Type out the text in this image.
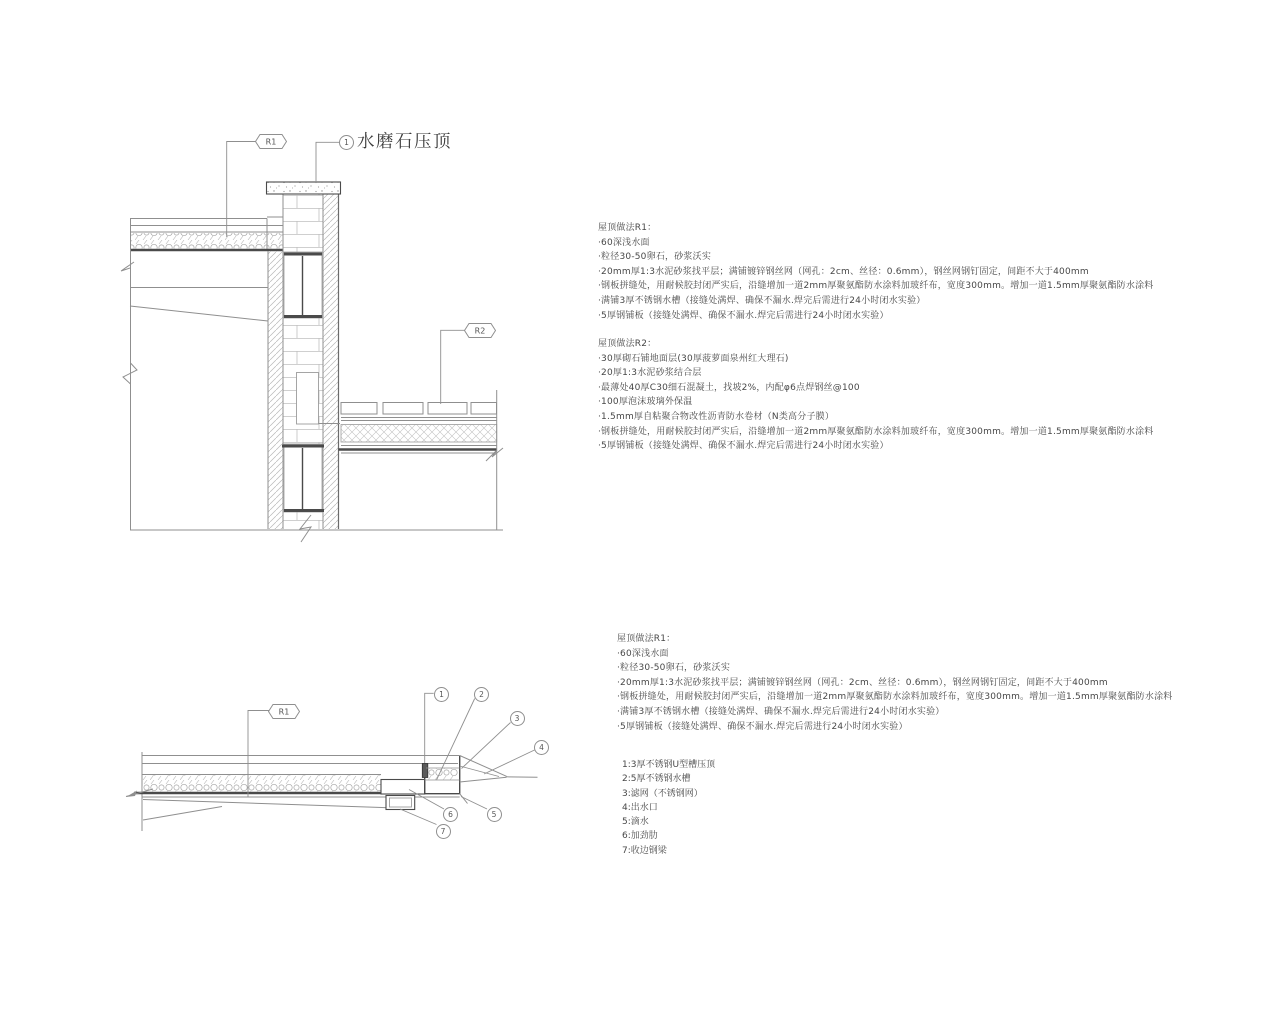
R1	1 水磨石压顶
R2
R1
1	2
3
4
5
6
7
屋顶做法R1：
·60深浅水面
·粒径30-50卵石，砂浆沃实
·20mm厚1:3水泥砂浆找平层；满铺镀锌钢丝网（网孔：2cm、丝径：0.6mm），钢丝网钢钉固定，间距不大于400mm
·钢板拼缝处，用耐候胶封闭严实后，沿缝增加一道2mm厚聚氨酯防水涂料加玻纤布，宽度300mm。增加一道1.5mm厚聚氨酯防水涂料
·满铺3厚不锈钢水槽（接缝处满焊、确保不漏水.焊完后需进行24小时闭水实验）
·5厚钢铺板（接缝处满焊、确保不漏水.焊完后需进行24小时闭水实验）
屋顶做法R2：
·30厚砌石铺地面层(30厚菠萝面泉州红大理石)
·20厚1:3水泥砂浆结合层
·最薄处40厚C30细石混凝土，找坡2%，内配φ6点焊钢丝@100
·100厚泡沫玻璃外保温
·1.5mm厚自粘聚合物改性沥青防水卷材（N类高分子膜）
·钢板拼缝处，用耐候胶封闭严实后，沿缝增加一道2mm厚聚氨酯防水涂料加玻纤布，宽度300mm。增加一道1.5mm厚聚氨酯防水涂料
·5厚钢铺板（接缝处满焊、确保不漏水.焊完后需进行24小时闭水实验）
屋顶做法R1：
·60深浅水面
·粒径30-50卵石，砂浆沃实
·20mm厚1:3水泥砂浆找平层；满铺镀锌钢丝网（网孔：2cm、丝径：0.6mm），钢丝网钢钉固定，间距不大于400mm
·钢板拼缝处，用耐候胶封闭严实后，沿缝增加一道2mm厚聚氨酯防水涂料加玻纤布，宽度300mm。增加一道1.5mm厚聚氨酯防水涂料
·满铺3厚不锈钢水槽（接缝处满焊、确保不漏水.焊完后需进行24小时闭水实验）
·5厚钢铺板（接缝处满焊、确保不漏水.焊完后需进行24小时闭水实验）
1:3厚不锈钢U型槽压顶
2:5厚不锈钢水槽
3:滤网（不锈钢网）
4:出水口
5:滴水
6:加劲肋
7:收边钢梁
